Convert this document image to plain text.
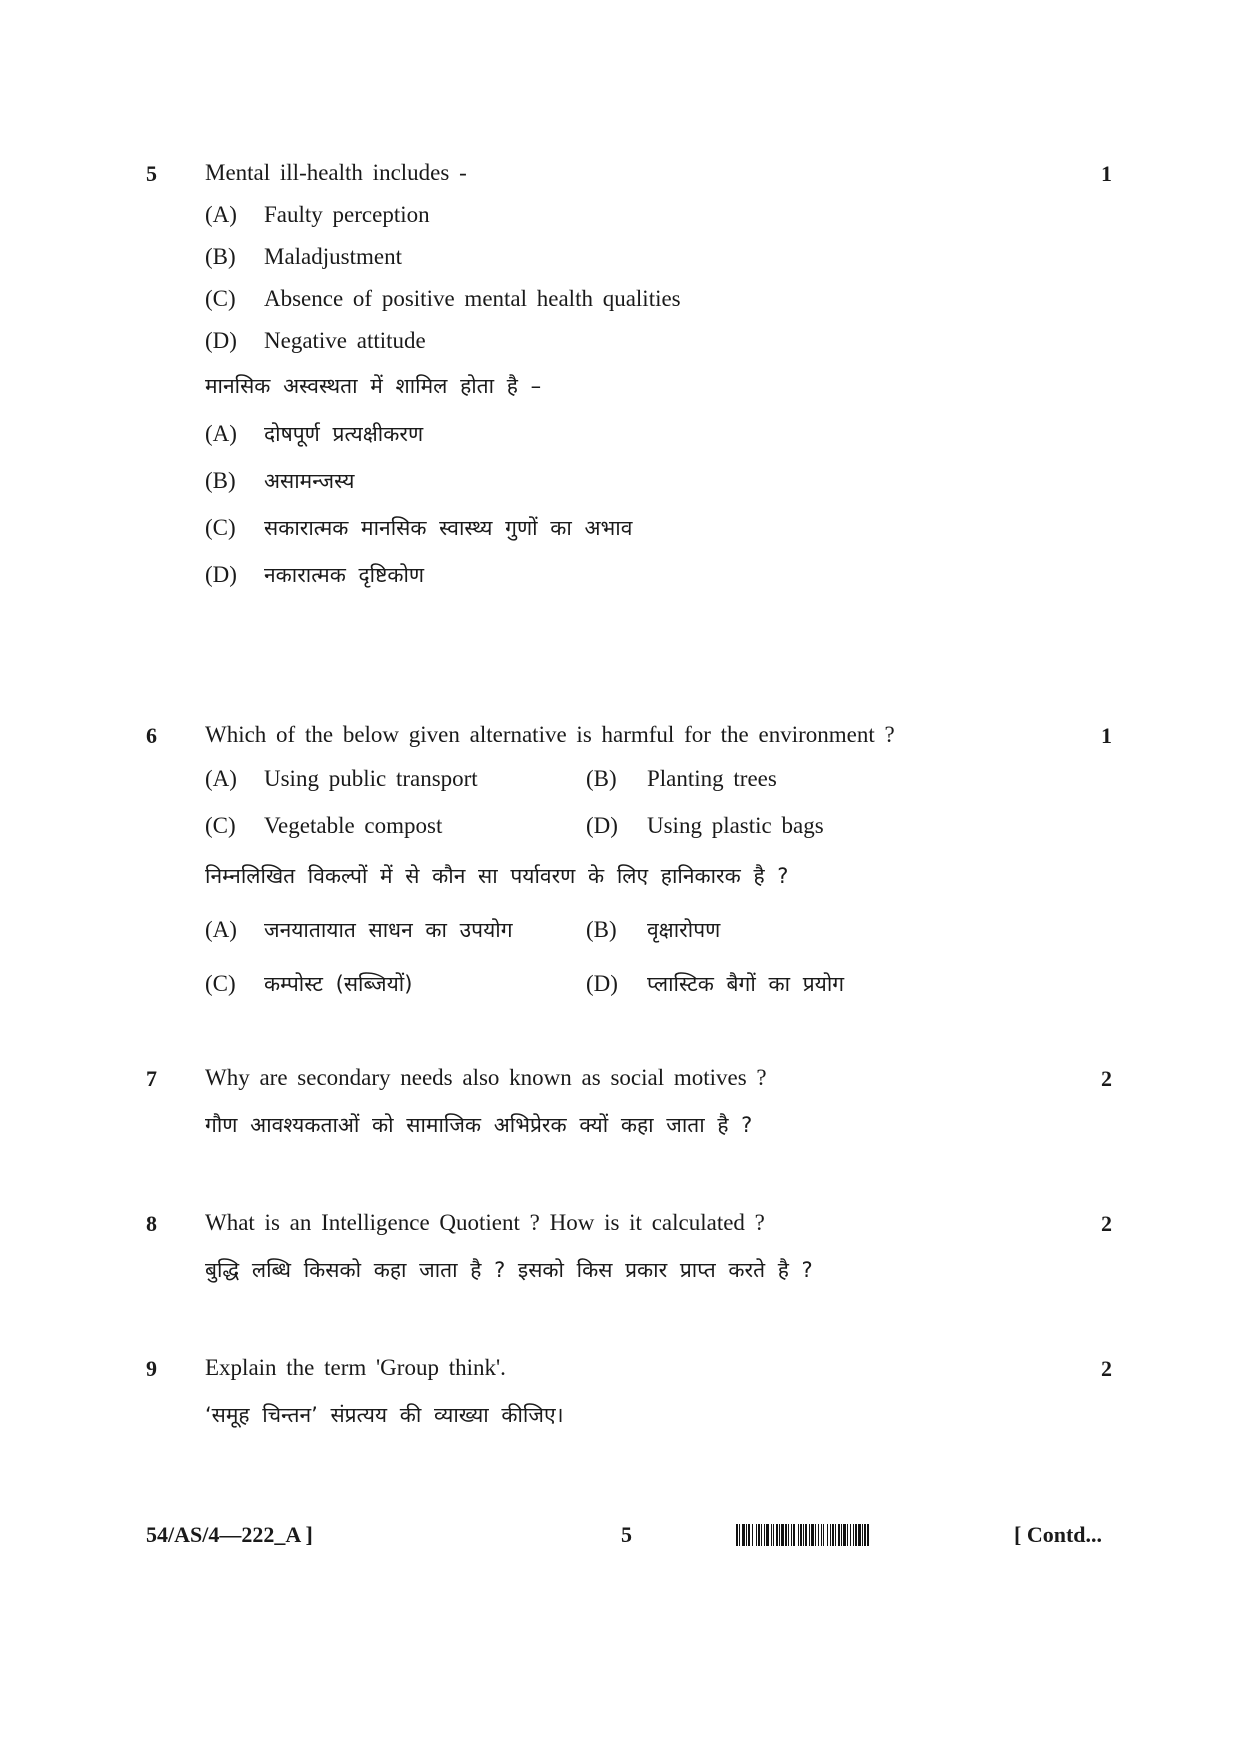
5 Mental ill-health includes -	1
(A) Faulty perception
(B) Maladjustment
(C) Absence of positive mental health qualities
(D) Negative attitude
मानसिक अस्वस्थता में शामिल होता है –
(A) दोषपूर्ण प्रत्यक्षीकरण
(B) असामन्जस्य
(C) सकारात्मक मानसिक स्वास्थ्य गुणों का अभाव
(D) नकारात्मक दृष्टिकोण
6 Which of the below given alternative is harmful for the environment ?	1
(A) Using public transport	(B) Planting trees
(C) Vegetable compost	(D) Using plastic bags
निम्नलिखित विकल्पों में से कौन सा पर्यावरण के लिए हानिकारक है ?
(A) जनयातायात साधन का उपयोग	(B) वृक्षारोपण
(C) कम्पोस्ट (सब्जियों)	(D) प्लास्टिक बैगों का प्रयोग
7 Why are secondary needs also known as social motives ?	2
गौण आवश्यकताओं को सामाजिक अभिप्रेरक क्यों कहा जाता है ?
8 What is an Intelligence Quotient ? How is it calculated ?	2
बुद्धि लब्धि किसको कहा जाता है ? इसको किस प्रकार प्राप्त करते है ?
9 Explain the term 'Group think'.	2
‘समूह चिन्तन’ संप्रत्यय की व्याख्या कीजिए।
54/AS/4—222_A ]	5	[ Contd...
